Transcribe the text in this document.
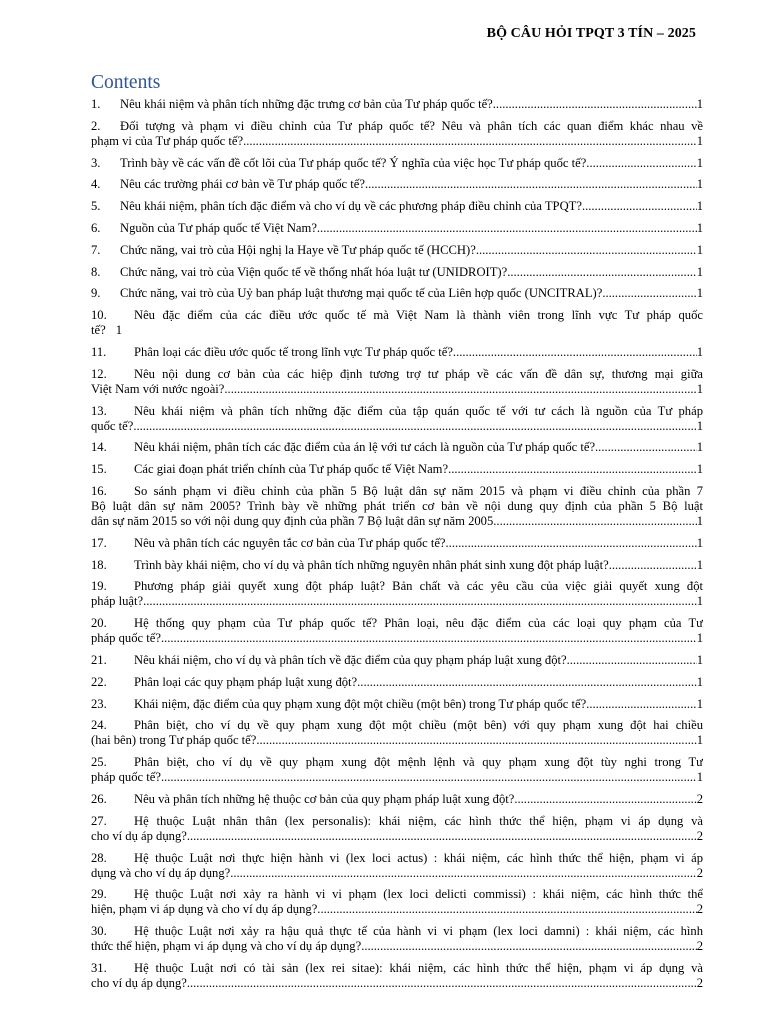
BỘ CÂU HỎI TPQT 3 TÍN – 2025
Contents
1.	Nêu khái niệm và phân tích những đặc trưng cơ bản của Tư pháp quốc tế? .....	1
2.	Đối tượng và phạm vi điều chỉnh của Tư pháp quốc tế? Nêu và phân tích các quan điểm khác nhau về
phạm vi của Tư pháp quốc tế? .....	1
3.	Trình bày về các vấn đề cốt lõi của Tư pháp quốc tế? Ý nghĩa của việc học Tư pháp quốc tế? .....	1
4.	Nêu các trường phái cơ bản về Tư pháp quốc tế? .....	1
5.	Nêu khái niệm, phân tích đặc điểm và cho ví dụ về các phương pháp điều chỉnh của TPQT? .....	1
6.	Nguồn của Tư pháp quốc tế Việt Nam? .....	1
7.	Chức năng, vai trò của Hội nghị la Haye về Tư pháp quốc tế (HCCH)? .....	1
8.	Chức năng, vai trò của Viện quốc tế về thống nhất hóa luật tư (UNIDROIT)? .....	1
9.	Chức năng, vai trò của Uỷ ban pháp luật thương mại quốc tế của Liên hợp quốc (UNCITRAL)? .....	1
10.	Nêu đặc điểm của các điều ước quốc tế mà Việt Nam là thành viên trong lĩnh vực Tư pháp quốc
tế? 1
11.	Phân loại các điều ước quốc tế trong lĩnh vực Tư pháp quốc tế? .....	1
12.	Nêu nội dung cơ bản của các hiệp định tương trợ tư pháp về các vấn đề dân sự, thương mại giữa
Việt Nam với nước ngoài? .....	1
13.	Nêu khái niệm và phân tích những đặc điểm của tập quán quốc tế với tư cách là nguồn của Tư pháp
quốc tế? .....	1
14.	Nêu khái niệm, phân tích các đặc điểm của án lệ với tư cách là nguồn của Tư pháp quốc tế? .....	1
15.	Các giai đoạn phát triển chính của Tư pháp quốc tế Việt Nam? .....	1
16.	So sánh phạm vi điều chỉnh của phần 5 Bộ luật dân sự năm 2015 và phạm vi điều chỉnh của phần 7
Bộ luật dân sự năm 2005? Trình bày về những phát triển cơ bản về nội dung quy định của phần 5 Bộ luật
dân sự năm 2015 so với nội dung quy định của phần 7 Bộ luật dân sự năm 2005 .....	1
17.	Nêu và phân tích các nguyên tắc cơ bản của Tư pháp quốc tế? .....	1
18.	Trình bày khái niệm, cho ví dụ và phân tích những nguyên nhân phát sinh xung đột pháp luật? .....	1
19.	Phương pháp giải quyết xung đột pháp luật? Bản chất và các yêu cầu của việc giải quyết xung đột
pháp luật? .....	1
20.	Hệ thống quy phạm của Tư pháp quốc tế? Phân loại, nêu đặc điểm của các loại quy phạm của Tư
pháp quốc tế? .....	1
21.	Nêu khái niệm, cho ví dụ và phân tích về đặc điểm của quy phạm pháp luật xung đột? .....	1
22.	Phân loại các quy phạm pháp luật xung đột? .....	1
23.	Khái niệm, đặc điểm của quy phạm xung đột một chiều (một bên) trong Tư pháp quốc tế? .....	1
24.	Phân biệt, cho ví dụ về quy phạm xung đột một chiều (một bên) với quy phạm xung đột hai chiều
(hai bên) trong Tư pháp quốc tế? .....	1
25.	Phân biệt, cho ví dụ về quy phạm xung đột mệnh lệnh và quy phạm xung đột tùy nghi trong Tư
pháp quốc tế? .....	1
26.	Nêu và phân tích những hệ thuộc cơ bản của quy phạm pháp luật xung đột? .....	2
27.	Hệ thuộc Luật nhân thân (lex personalis): khái niệm, các hình thức thể hiện, phạm vi áp dụng và
cho ví dụ áp dụng? .....	2
28.	Hệ thuộc Luật nơi thực hiện hành vi (lex loci actus) : khái niệm, các hình thức thể hiện, phạm vi áp
dụng và cho ví dụ áp dụng? .....	2
29.	Hệ thuộc Luật nơi xảy ra hành vi vi phạm (lex loci delicti commissi) : khái niệm, các hình thức thể
hiện, phạm vi áp dụng và cho ví dụ áp dụng? .....	2
30.	Hệ thuộc Luật nơi xảy ra hậu quả thực tế của hành vi vi phạm (lex loci damni) : khái niệm, các hình
thức thể hiện, phạm vi áp dụng và cho ví dụ áp dụng? .....	2
31.	Hệ thuộc Luật nơi có tài sản (lex rei sitae): khái niệm, các hình thức thể hiện, phạm vi áp dụng và
cho ví dụ áp dụng? .....	2
